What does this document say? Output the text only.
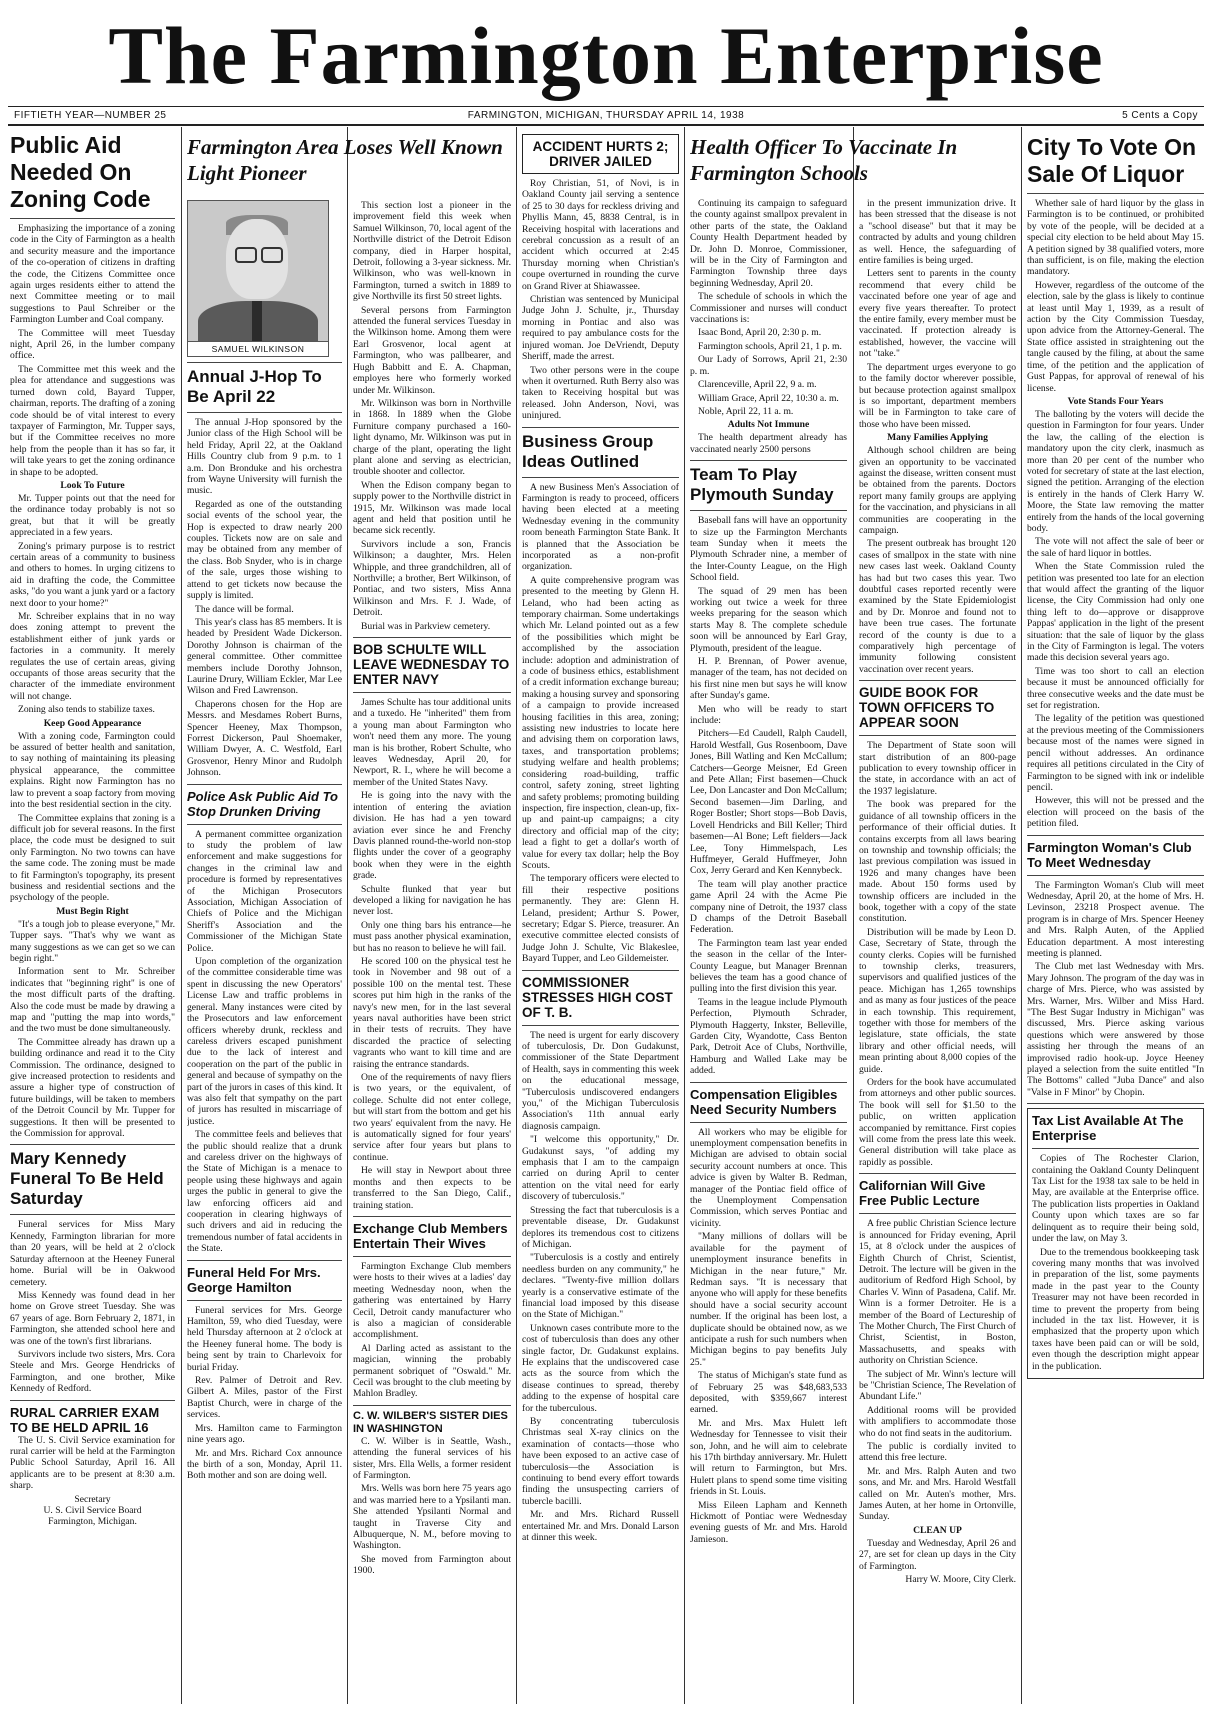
The Farmington Enterprise
FIFTIETH YEAR—NUMBER 25	FARMINGTON, MICHIGAN, THURSDAY APRIL 14, 1938	5 Cents a Copy
Public Aid Needed On Zoning Code

Emphasizing the importance of a zoning code in the City of Farmington as a health and security measure and the importance of the co-operation of citizens in drafting the code, the Citizens Committee once again urges residents either to attend the next Committee meeting or to mail suggestions to Paul Schreiber or the Farmington Lumber and Coal company.

The Committee will meet Tuesday night, April 26, in the lumber company office.

The Committee met this week and the plea for attendance and suggestions was turned down cold, Bayard Tupper, chairman, reports. The drafting of a zoning code should be of vital interest to every taxpayer of Farmington, Mr. Tupper says, but if the Committee receives no more help from the people than it has so far, it will take years to get the zoning ordinance in shape to be adopted.

Look To Future

Mr. Tupper points out that the need for the ordinance today probably is not so great, but that it will be greatly appreciated in a few years.

Zoning's primary purpose is to restrict certain areas of a community to business and others to homes. In urging citizens to aid in drafting the code, the Committee asks, "do you want a junk yard or a factory next door to your home?"

Mr. Schreiber explains that in no way does zoning attempt to prevent the establishment either of junk yards or factories in a community. It merely regulates the use of certain areas, giving occupants of those areas security that the character of the immediate environment will not change.

Zoning also tends to stabilize taxes.

Keep Good Appearance

With a zoning code, Farmington could be assured of better health and sanitation, to say nothing of maintaining its pleasing physical appearance, the committee explains. Right now Farmington has no law to prevent a soap factory from moving into the best residential section in the city.

The Committee explains that zoning is a difficult job for several reasons. In the first place, the code must be designed to suit only Farmington. No two towns can have the same code. The zoning must be made to fit Farmington's topography, its present business and residential sections and the psychology of the people.

Must Begin Right

"It's a tough job to please everyone," Mr. Tupper says. "That's why we want as many suggestions as we can get so we can begin right."

Information sent to Mr. Schreiber indicates that "beginning right" is one of the most difficult parts of the drafting. Also the code must be made by drawing a map and "putting the map into words," and the two must be done simultaneously.

The Committee already has drawn up a building ordinance and read it to the City Commission. The ordinance, designed to give increased protection to residents and assure a higher type of construction of future buildings, will be taken to members of the Detroit Council by Mr. Tupper for suggestions. It then will be presented to the Commission for approval.

Mary Kennedy Funeral To Be Held Saturday

Funeral services for Miss Mary Kennedy, Farmington librarian for more than 20 years, will be held at 2 o'clock Saturday afternoon at the Heeney Funeral home. Burial will be in Oakwood cemetery.

Miss Kennedy was found dead in her home on Grove street Tuesday. She was 67 years of age. Born February 2, 1871, in Farmington, she attended school here and was one of the town's first librarians.

Survivors include two sisters, Mrs. Cora Steele and Mrs. George Hendricks of Farmington, and one brother, Mike Kennedy of Redford.

RURAL CARRIER EXAM TO BE HELD APRIL 16

The U. S. Civil Service examination for rural carrier will be held at the Farmington Public School Saturday, April 16. All applicants are to be present at 8:30 a.m. sharp.

Secretary
U. S. Civil Service Board
Farmington, Michigan.
Farmington Area Loses Well Known Light Pioneer
SAMUEL WILKINSON
Annual J-Hop To Be April 22

The annual J-Hop sponsored by the Junior class of the High School will be held Friday, April 22, at the Oakland Hills Country club from 9 p.m. to 1 a.m. Don Bronduke and his orchestra from Wayne University will furnish the music.

Regarded as one of the outstanding social events of the school year, the Hop is expected to draw nearly 200 couples. Tickets now are on sale and may be obtained from any member of the class. Bob Snyder, who is in charge of the sale, urges those wishing to attend to get tickets now because the supply is limited.

The dance will be formal.

This year's class has 85 members. It is headed by President Wade Dickerson. Dorothy Johnson is chairman of the general committee. Other committee members include Dorothy Johnson, Laurine Drury, William Eckler, Mar Lee Wilson and Fred Lawrenson.

Chaperons chosen for the Hop are Messrs. and Mesdames Robert Burns, Spencer Heeney, Max Thompson, Forrest Dickerson, Paul Shoemaker, William Dwyer, A. C. Westfold, Earl Grosvenor, Henry Minor and Rudolph Johnson.

Police Ask Public Aid To Stop Drunken Driving

A permanent committee organization to study the problem of law enforcement and make suggestions for changes in the criminal law and procedure is formed by representatives of the Michigan Prosecutors Association, Michigan Association of Chiefs of Police and the Michigan Sheriff's Association and the Commissioner of the Michigan State Police.

Upon completion of the organization of the committee considerable time was spent in discussing the new Operators' License Law and traffic problems in general. Many instances were cited by the Prosecutors and law enforcement officers whereby drunk, reckless and careless drivers escaped punishment due to the lack of interest and cooperation on the part of the public in general and because of sympathy on the part of the jurors in cases of this kind. It was also felt that sympathy on the part of jurors has resulted in miscarriage of justice.

The committee feels and believes that the public should realize that a drunk and careless driver on the highways of the State of Michigan is a menace to people using these highways and again urges the public in general to give the law enforcing officers aid and cooperation in clearing highways of such drivers and aid in reducing the tremendous number of fatal accidents in the State.

Funeral Held For Mrs. George Hamilton

Funeral services for Mrs. George Hamilton, 59, who died Tuesday, were held Thursday afternoon at 2 o'clock at the Heeney funeral home. The body is being sent by train to Charlevoix for burial Friday.

Rev. Palmer of Detroit and Rev. Gilbert A. Miles, pastor of the First Baptist Church, were in charge of the services.

Mrs. Hamilton came to Farmington nine years ago.

Mr. and Mrs. Richard Cox announce the birth of a son, Monday, April 11. Both mother and son are doing well.

This section lost a pioneer in the improvement field this week when Samuel Wilkinson, 70, local agent of the Northville district of the Detroit Edison company, died in Harper hospital, Detroit, following a 3-year sickness. Mr. Wilkinson, who was well-known in Farmington, turned a switch in 1889 to give Northville its first 50 street lights.

Several persons from Farmington attended the funeral services Tuesday in the Wilkinson home. Among them were Earl Grosvenor, local agent at Farmington, who was pallbearer, and Hugh Babbitt and E. A. Chapman, employes here who formerly worked under Mr. Wilkinson.

Mr. Wilkinson was born in Northville in 1868. In 1889 when the Globe Furniture company purchased a 160-light dynamo, Mr. Wilkinson was put in charge of the plant, operating the light plant alone and serving as electrician, trouble shooter and collector.

When the Edison company began to supply power to the Northville district in 1915, Mr. Wilkinson was made local agent and held that position until he became sick recently.

Survivors include a son, Francis Wilkinson; a daughter, Mrs. Helen Whipple, and three grandchildren, all of Northville; a brother, Bert Wilkinson, of Pontiac, and two sisters, Miss Anna Wilkinson and Mrs. F. J. Wade, of Detroit.

Burial was in Parkview cemetery.

BOB SCHULTE WILL LEAVE WEDNESDAY TO ENTER NAVY

James Schulte has tour additional units and a tuxedo. He "inherited" them from a young man about Farmington who won't need them any more. The young man is his brother, Robert Schulte, who leaves Wednesday, April 20, for Newport, R. I., where he will become a member of the United States Navy.

He is going into the navy with the intention of entering the aviation division. He has had a yen toward aviation ever since he and Frenchy Davis planned round-the-world non-stop flights under the cover of a geography book when they were in the eighth grade.

Schulte flunked that year but developed a liking for navigation he has never lost.

Only one thing bars his entrance—he must pass another physical examination, but has no reason to believe he will fail.

He scored 100 on the physical test he took in November and 98 out of a possible 100 on the mental test. These scores put him high in the ranks of the navy's new men, for in the last several years naval authorities have been strict in their tests of recruits. They have discarded the practice of selecting vagrants who want to kill time and are raising the entrance standards.

One of the requirements of navy fliers is two years, or the equivalent, of college. Schulte did not enter college, but will start from the bottom and get his two years' equivalent from the navy. He is automatically signed for four years' service after four years but plans to continue.

He will stay in Newport about three months and then expects to be transferred to the San Diego, Calif., training station.

Exchange Club Members Entertain Their Wives

Farmington Exchange Club members were hosts to their wives at a ladies' day meeting Wednesday noon, when the gathering was entertained by Harry Cecil, Detroit candy manufacturer who is also a magician of considerable accomplishment.

Al Darling acted as assistant to the magician, winning the probably permanent sobriquet of "Oswald." Mr. Cecil was brought to the club meeting by Mahlon Bradley.

C. W. WILBER'S SISTER DIES IN WASHINGTON

C. W. Wilber is in Seattle, Wash., attending the funeral services of his sister, Mrs. Ella Wells, a former resident of Farmington.

Mrs. Wells was born here 75 years ago and was married here to a Ypsilanti man. She attended Ypsilanti Normal and taught in Traverse City and Albuquerque, N. M., before moving to Washington.

She moved from Farmington about 1900.

ACCIDENT HURTS 2; DRIVER JAILED

Roy Christian, 51, of Novi, is in Oakland County jail serving a sentence of 25 to 30 days for reckless driving and Phyllis Mann, 45, 8838 Central, is in Receiving hospital with lacerations and cerebral concussion as a result of an accident which occurred at 2:45 Thursday morning when Christian's coupe overturned in rounding the curve on Grand River at Shiawassee.

Christian was sentenced by Municipal Judge John J. Schulte, jr., Thursday morning in Pontiac and also was required to pay ambulance costs for the injured woman. Joe DeVriendt, Deputy Sheriff, made the arrest.

Two other persons were in the coupe when it overturned. Ruth Berry also was taken to Receiving hospital but was released. John Anderson, Novi, was uninjured.

Business Group Ideas Outlined

A new Business Men's Association of Farmington is ready to proceed, officers having been elected at a meeting Wednesday evening in the community room beneath Farmington State Bank. It is planned that the Association be incorporated as a non-profit organization.

A quite comprehensive program was presented to the meeting by Glenn H. Leland, who had been acting as temporary chairman. Some undertakings which Mr. Leland pointed out as a few of the possibilities which might be accomplished by the association include: adoption and administration of a code of business ethics, establishment of a credit information exchange bureau; making a housing survey and sponsoring of a campaign to provide increased housing facilities in this area, zoning; assisting new industries to locate here and advising them on corporation laws, taxes, and transportation problems; studying welfare and health problems; considering road-building, traffic control, safety zoning, street lighting and safety problems; promoting building inspection, fire inspection, clean-up, fix-up and paint-up campaigns; a city directory and official map of the city; lead a fight to get a dollar's worth of value for every tax dollar; help the Boy Scouts.

The temporary officers were elected to fill their respective positions permanently. They are: Glenn H. Leland, president; Arthur S. Power, secretary; Edgar S. Pierce, treasurer. An executive committee elected consists of Judge John J. Schulte, Vic Blakeslee, Bayard Tupper, and Leo Gildemeister.

COMMISSIONER STRESSES HIGH COST OF T. B.

The need is urgent for early discovery of tuberculosis, Dr. Don Gudakunst, commissioner of the State Department of Health, says in commenting this week on the educational message, "Tuberculosis undiscovered endangers you," of the Michigan Tuberculosis Association's 11th annual early diagnosis campaign.

"I welcome this opportunity," Dr. Gudakunst says, "of adding my emphasis that I am to the campaign carried on during April to center attention on the vital need for early discovery of tuberculosis."

Stressing the fact that tuberculosis is a preventable disease, Dr. Gudakunst deplores its tremendous cost to citizens of Michigan.

"Tuberculosis is a costly and entirely needless burden on any community," he declares. "Twenty-five million dollars yearly is a conservative estimate of the financial load imposed by this disease on the State of Michigan."

Unknown cases contribute more to the cost of tuberculosis than does any other single factor, Dr. Gudakunst explains. He explains that the undiscovered case acts as the source from which the disease continues to spread, thereby adding to the expense of hospital care for the tuberculous.

By concentrating tuberculosis Christmas seal X-ray clinics on the examination of contacts—those who have been exposed to an active case of tuberculosis—the Association is continuing to bend every effort towards finding the unsuspecting carriers of tubercle bacilli.

Mr. and Mrs. Richard Russell entertained Mr. and Mrs. Donald Larson at dinner this week.

Health Officer To Vaccinate In Farmington Schools

Continuing its campaign to safeguard the county against smallpox prevalent in other parts of the state, the Oakland County Health Department headed by Dr. John D. Monroe, Commissioner, will be in the City of Farmington and Farmington Township three days beginning Wednesday, April 20.

The schedule of schools in which the Commissioner and nurses will conduct vaccinations is:

Isaac Bond, April 20, 2:30 p. m.

Farmington schools, April 21, 1 p. m.

Our Lady of Sorrows, April 21, 2:30 p. m.

Clarenceville, April 22, 9 a. m.

William Grace, April 22, 10:30 a. m.

Noble, April 22, 11 a. m.

Adults Not Immune

The health department already has vaccinated nearly 2500 persons

Team To Play Plymouth Sunday

Baseball fans will have an opportunity to size up the Farmington Merchants team Sunday when it meets the Plymouth Schrader nine, a member of the Inter-County League, on the High School field.

The squad of 29 men has been working out twice a week for three weeks preparing for the season which starts May 8. The complete schedule soon will be announced by Earl Gray, Plymouth, president of the league.

H. P. Brennan, of Power avenue, manager of the team, has not decided on his first nine men but says he will know after Sunday's game.

Men who will be ready to start include:

Pitchers—Ed Caudell, Ralph Caudell, Harold Westfall, Gus Rosenboom, Dave Jones, Bill Watling and Ken McCallum; Catchers—George Meisner, Ed Green and Pete Allan; First basemen—Chuck Lee, Don Lancaster and Don McCallum; Second basemen—Jim Darling, and Roger Bostler; Short stops—Bob Davis, Lovell Hendricks and Bill Keller; Third basemen—Al Bone; Left fielders—Jack Lee, Tony Himmelspach, Les Huffmeyer, Gerald Huffmeyer, John Cox, Jerry Gerard and Ken Kennybeck.

The team will play another practice game April 24 with the Acme Pie company nine of Detroit, the 1937 class D champs of the Detroit Baseball Federation.

The Farmington team last year ended the season in the cellar of the Inter-County League, but Manager Brennan believes the team has a good chance of pulling into the first division this year.

Teams in the league include Plymouth Perfection, Plymouth Schrader, Plymouth Haggerty, Inkster, Belleville, Garden City, Wyandotte, Cass Benton Park, Detroit Ace of Clubs, Northville, Hamburg and Walled Lake may be added.

Compensation Eligibles Need Security Numbers

All workers who may be eligible for unemployment compensation benefits in Michigan are advised to obtain social security account numbers at once. This advice is given by Walter B. Redman, manager of the Pontiac field office of the Unemployment Compensation Commission, which serves Pontiac and vicinity.

"Many millions of dollars will be available for the payment of unemployment insurance benefits in Michigan in the near future," Mr. Redman says. "It is necessary that anyone who will apply for these benefits should have a social security account number. If the original has been lost, a duplicate should be obtained now, as we anticipate a rush for such numbers when Michigan begins to pay benefits July 25."

The status of Michigan's state fund as of February 25 was $48,683,533 deposited, with $359,667 interest earned.

Mr. and Mrs. Max Hulett left Wednesday for Tennessee to visit their son, John, and he will aim to celebrate his 17th birthday anniversary. Mr. Hulett will return to Farmington, but Mrs. Hulett plans to spend some time visiting friends in St. Louis.

Miss Eileen Lapham and Kenneth Hickmott of Pontiac were Wednesday evening guests of Mr. and Mrs. Harold Jamieson.

in the present immunization drive. It has been stressed that the disease is not a "school disease" but that it may be contracted by adults and young children as well. Hence, the safeguarding of entire families is being urged.

Letters sent to parents in the county recommend that every child be vaccinated before one year of age and every five years thereafter. To protect the entire family, every member must be vaccinated. If protection already is established, however, the vaccine will not "take."

The department urges everyone to go to the family doctor wherever possible, but because protection against smallpox is so important, department members will be in Farmington to take care of those who have been missed.

Many Families Applying

Although school children are being given an opportunity to be vaccinated against the disease, written consent must be obtained from the parents. Doctors report many family groups are applying for the vaccination, and physicians in all communities are cooperating in the campaign.

The present outbreak has brought 120 cases of smallpox in the state with nine new cases last week. Oakland County has had but two cases this year. Two doubtful cases reported recently were examined by the State Epidemiologist and by Dr. Monroe and found not to have been true cases. The fortunate record of the county is due to a comparatively high percentage of immunity following consistent vaccination over recent years.

GUIDE BOOK FOR TOWN OFFICERS TO APPEAR SOON

The Department of State soon will start distribution of an 800-page publication to every township officer in the state, in accordance with an act of the 1937 legislature.

The book was prepared for the guidance of all township officers in the performance of their official duties. It contains excerpts from all laws bearing on township and township officials; the last previous compilation was issued in 1926 and many changes have been made. About 150 forms used by township officers are included in the book, together with a copy of the state constitution.

Distribution will be made by Leon D. Case, Secretary of State, through the county clerks. Copies will be furnished to township clerks, treasurers, supervisors and qualified justices of the peace. Michigan has 1,265 townships and as many as four justices of the peace in each township. This requirement, together with those for members of the legislature, state officials, the state library and other official needs, will mean printing about 8,000 copies of the guide.

Orders for the book have accumulated from attorneys and other public sources. The book will sell for $1.50 to the public, on written application accompanied by remittance. First copies will come from the press late this week. General distribution will take place as rapidly as possible.

Californian Will Give Free Public Lecture

A free public Christian Science lecture is announced for Friday evening, April 15, at 8 o'clock under the auspices of Eighth Church of Christ, Scientist, Detroit. The lecture will be given in the auditorium of Redford High School, by Charles V. Winn of Pasadena, Calif. Mr. Winn is a former Detroiter. He is a member of the Board of Lectureship of The Mother Church, The First Church of Christ, Scientist, in Boston, Massachusetts, and speaks with authority on Christian Science.

The subject of Mr. Winn's lecture will be "Christian Science, The Revelation of Abundant Life."

Additional rooms will be provided with amplifiers to accommodate those who do not find seats in the auditorium.

The public is cordially invited to attend this free lecture.

Mr. and Mrs. Ralph Auten and two sons, and Mr. and Mrs. Harold Westfall called on Mr. Auten's mother, Mrs. James Auten, at her home in Ortonville, Sunday.

CLEAN UP

Tuesday and Wednesday, April 26 and 27, are set for clean up days in the City of Farmington.

Harry W. Moore, City Clerk.
City To Vote On Sale Of Liquor

Whether sale of hard liquor by the glass in Farmington is to be continued, or prohibited by vote of the people, will be decided at a special city election to be held about May 15. A petition signed by 38 qualified voters, more than sufficient, is on file, making the election mandatory.

However, regardless of the outcome of the election, sale by the glass is likely to continue at least until May 1, 1939, as a result of action by the City Commission Tuesday, upon advice from the Attorney-General. The State office assisted in straightening out the tangle caused by the filing, at about the same time, of the petition and the application of Gust Pappas, for approval of renewal of his license.

Vote Stands Four Years

The balloting by the voters will decide the question in Farmington for four years. Under the law, the calling of the election is mandatory upon the city clerk, inasmuch as more than 20 per cent of the number who voted for secretary of state at the last election, signed the petition. Arranging of the election is entirely in the hands of Clerk Harry W. Moore, the State law removing the matter entirely from the hands of the local governing body.

The vote will not affect the sale of beer or the sale of hard liquor in bottles.

When the State Commission ruled the petition was presented too late for an election that would affect the granting of the liquor license, the City Commission had only one thing left to do—approve or disapprove Pappas' application in the light of the present situation: that the sale of liquor by the glass in the City of Farmington is legal. The voters made this decision several years ago.

Time was too short to call an election because it must be announced officially for three consecutive weeks and the date must be set for registration.

The legality of the petition was questioned at the previous meeting of the Commissioners because most of the names were signed in pencil without addresses. An ordinance requires all petitions circulated in the City of Farmington to be signed with ink or indelible pencil.

However, this will not be pressed and the election will proceed on the basis of the petition filed.

Farmington Woman's Club To Meet Wednesday

The Farmington Woman's Club will meet Wednesday, April 20, at the home of Mrs. H. Levinson, 23218 Prospect avenue. The program is in charge of Mrs. Spencer Heeney and Mrs. Ralph Auten, of the Applied Education department. A most interesting meeting is planned.

The Club met last Wednesday with Mrs. Mary Johnson. The program of the day was in charge of Mrs. Pierce, who was assisted by Mrs. Warner, Mrs. Wilber and Miss Hard. "The Best Sugar Industry in Michigan" was discussed, Mrs. Pierce asking various questions which were answered by those assisting her through the means of an improvised radio hook-up. Joyce Heeney played a selection from the suite entitled "In The Bottoms" called "Juba Dance" and also "Valse in F Minor" by Chopin.

Tax List Available At The Enterprise

Copies of The Rochester Clarion, containing the Oakland County Delinquent Tax List for the 1938 tax sale to be held in May, are available at the Enterprise office. The publication lists properties in Oakland County upon which taxes are so far delinquent as to require their being sold, under the law, on May 3.

Due to the tremendous bookkeeping task covering many months that was involved in preparation of the list, some payments made in the past year to the County Treasurer may not have been recorded in time to prevent the property from being included in the tax list. However, it is emphasized that the property upon which taxes have been paid can or will be sold, even though the description might appear in the publication.
